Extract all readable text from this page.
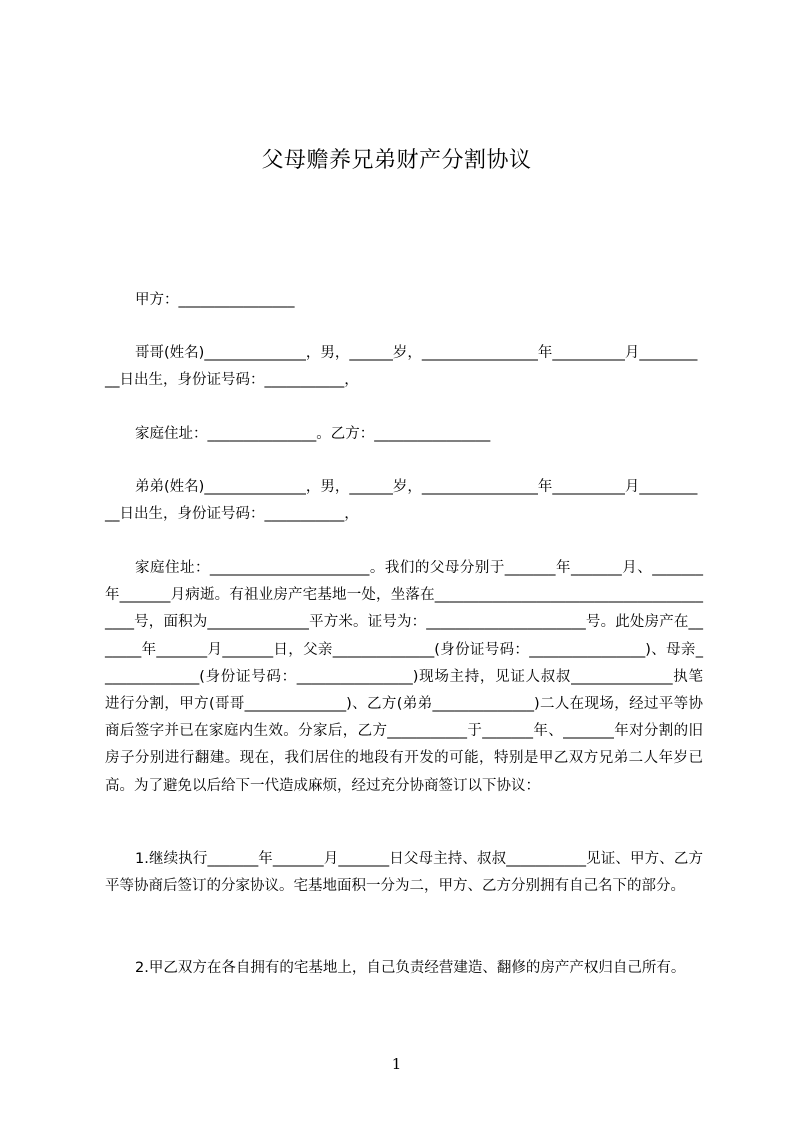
父母赡养兄弟财产分割协议
甲方：________________
哥哥(姓名)______________，男，______岁，________________年__________月__________日出生，身份证号码：___________，
家庭住址：_______________。乙方：________________
弟弟(姓名)______________，男，______岁，________________年__________月__________日出生，身份证号码：___________，
家庭住址：______________________。我们的父母分别于_______年_______月、_______年_______月病逝。有祖业房产宅基地一处，坐落在_________________________________________号，面积为______________平方米。证号为：______________________号。此处房产在_______年_______月_______日，父亲______________(身份证号码：________________)、母亲______________(身份证号码：________________)现场主持，见证人叔叔______________执笔进行分割，甲方(哥哥______________)、乙方(弟弟______________)二人在现场，经过平等协商后签字并已在家庭内生效。分家后，乙方___________于_______年、_______年对分割的旧房子分别进行翻建。现在，我们居住的地段有开发的可能，特别是甲乙双方兄弟二人年岁已高。为了避免以后给下一代造成麻烦，经过充分协商签订以下协议：
1.继续执行_______年_______月_______日父母主持、叔叔___________见证、甲方、乙方平等协商后签订的分家协议。宅基地面积一分为二，甲方、乙方分别拥有自己名下的部分。
2.甲乙双方在各自拥有的宅基地上，自己负责经营建造、翻修的房产产权归自己所有。
1
